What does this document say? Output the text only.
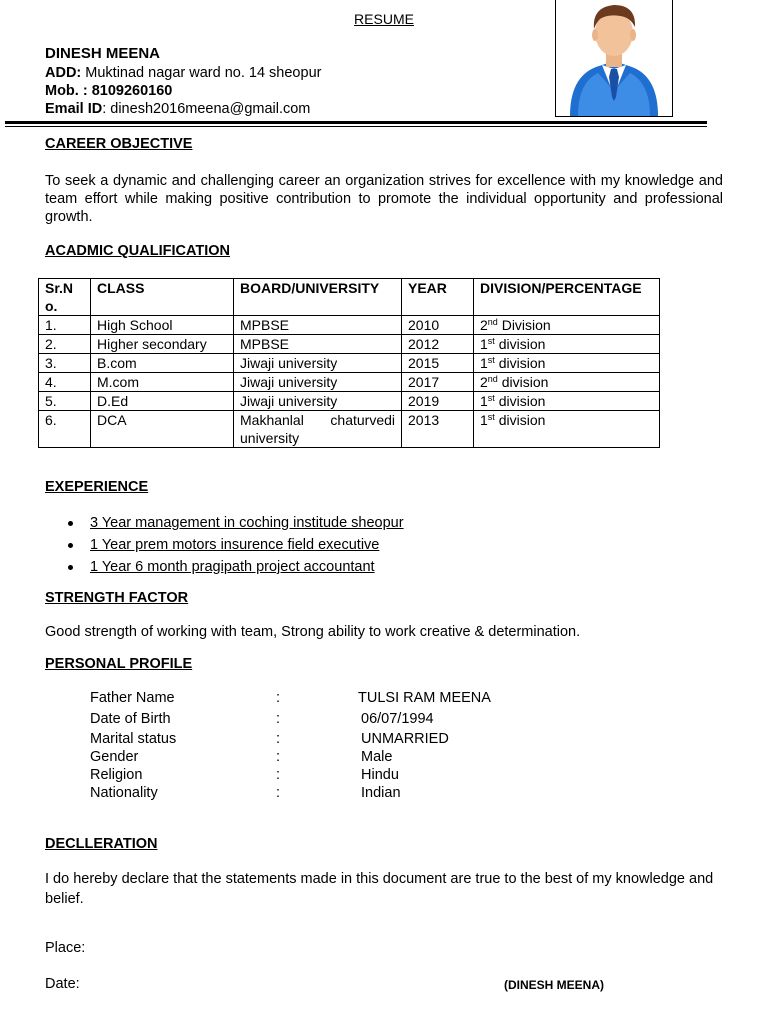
RESUME
DINESH MEENA
ADD: Muktinad nagar ward no. 14 sheopur
Mob. : 8109260160
Email ID: dinesh2016meena@gmail.com
CAREER OBJECTIVE
To seek a dynamic and challenging career an organization strives for excellence with my knowledge and team effort while making positive contribution to promote the individual opportunity and professional growth.
ACADMIC QUALIFICATION
Sr.N o.	CLASS	BOARD/UNIVERSITY	YEAR	DIVISION/PERCENTAGE
1.	High School	MPBSE	2010	2nd Division
2.	Higher secondary	MPBSE	2012	1st division
3.	B.com	Jiwaji university	2015	1st division
4.	M.com	Jiwaji university	2017	2nd division
5.	D.Ed	Jiwaji university	2019	1st division
6.	DCA	Makhanlal chaturvedi university	2013	1st division
EXEPERIENCE
3 Year management in coching institude sheopur
1 Year prem motors insurence field executive
1 Year 6 month pragipath project accountant
STRENGTH FACTOR
Good strength of working with team, Strong ability to work creative & determination.
PERSONAL PROFILE
Father Name	:	TULSI RAM MEENA
Date of Birth	:	06/07/1994
Marital status	:	UNMARRIED
Gender	:	Male
Religion	:	Hindu
Nationality	:	Indian
DECLLERATION
I do hereby declare that the statements made in this document are true to the best of my knowledge and belief.
Place:
Date:	(DINESH MEENA)
